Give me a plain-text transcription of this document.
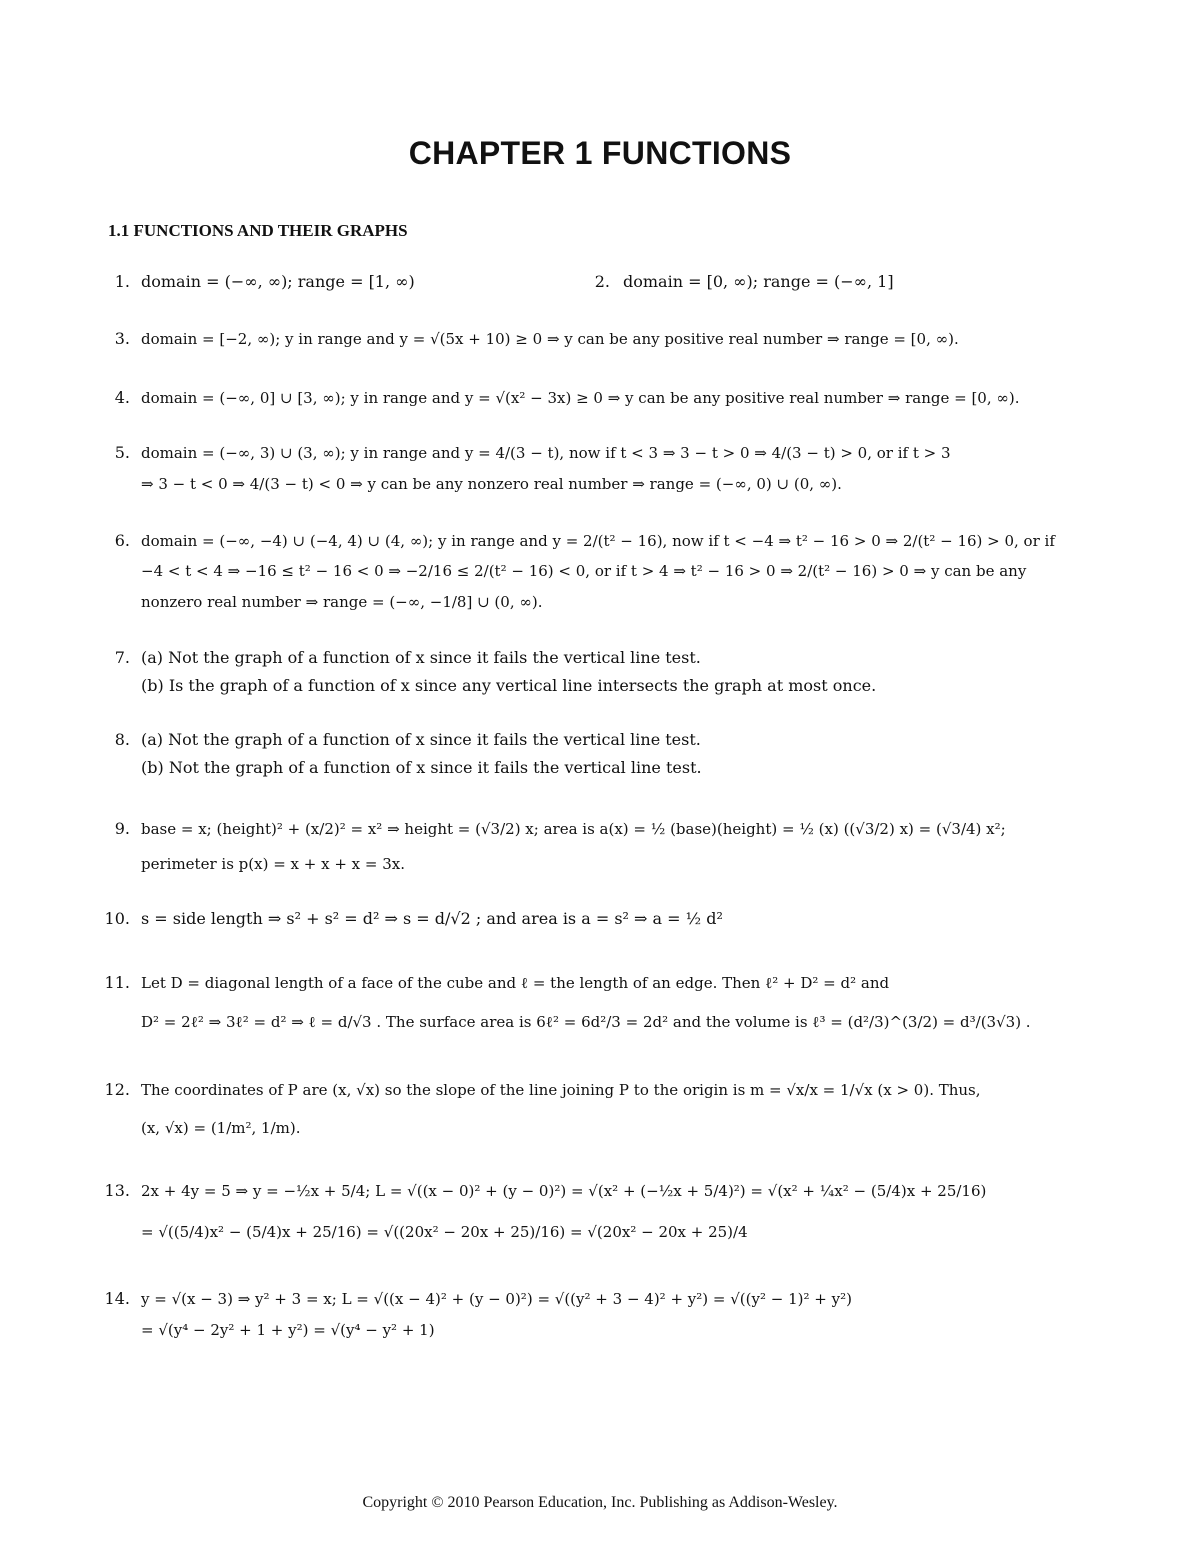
CHAPTER 1 FUNCTIONS
1.1 FUNCTIONS AND THEIR GRAPHS
1. domain = (−∞, ∞); range = [1, ∞)	2. domain = [0, ∞); range = (−∞, 1]
3. domain = [−2, ∞); y in range and y = √(5x + 10) ≥ 0 ⇒ y can be any positive real number ⇒ range = [0, ∞).
4. domain = (−∞, 0] ∪ [3, ∞); y in range and y = √(x² − 3x) ≥ 0 ⇒ y can be any positive real number ⇒ range = [0, ∞).
5. domain = (−∞, 3) ∪ (3, ∞); y in range and y = 4/(3 − t), now if t < 3 ⇒ 3 − t > 0 ⇒ 4/(3 − t) > 0, or if t > 3
⇒ 3 − t < 0 ⇒ 4/(3 − t) < 0 ⇒ y can be any nonzero real number ⇒ range = (−∞, 0) ∪ (0, ∞).
6. domain = (−∞, −4) ∪ (−4, 4) ∪ (4, ∞); y in range and y = 2/(t² − 16), now if t < −4 ⇒ t² − 16 > 0 ⇒ 2/(t² − 16) > 0, or if
−4 < t < 4 ⇒ −16 ≤ t² − 16 < 0 ⇒ −2/16 ≤ 2/(t² − 16) < 0, or if t > 4 ⇒ t² − 16 > 0 ⇒ 2/(t² − 16) > 0 ⇒ y can be any
nonzero real number ⇒ range = (−∞, −1/8] ∪ (0, ∞).
7. (a) Not the graph of a function of x since it fails the vertical line test.
(b) Is the graph of a function of x since any vertical line intersects the graph at most once.
8. (a) Not the graph of a function of x since it fails the vertical line test.
(b) Not the graph of a function of x since it fails the vertical line test.
9. base = x; (height)² + (x/2)² = x² ⇒ height = (√3/2) x; area is a(x) = ½ (base)(height) = ½ (x) ((√3/2) x) = (√3/4) x²;
perimeter is p(x) = x + x + x = 3x.
10. s = side length ⇒ s² + s² = d² ⇒ s = d/√2 ; and area is a = s² ⇒ a = ½ d²
11. Let D = diagonal length of a face of the cube and ℓ = the length of an edge. Then ℓ² + D² = d² and
D² = 2ℓ² ⇒ 3ℓ² = d² ⇒ ℓ = d/√3 . The surface area is 6ℓ² = 6d²/3 = 2d² and the volume is ℓ³ = (d²/3)^(3/2) = d³/(3√3) .
12. The coordinates of P are (x, √x) so the slope of the line joining P to the origin is m = √x/x = 1/√x (x > 0). Thus,
(x, √x) = (1/m², 1/m).
13. 2x + 4y = 5 ⇒ y = −½x + 5/4; L = √((x − 0)² + (y − 0)²) = √(x² + (−½x + 5/4)²) = √(x² + ¼x² − (5/4)x + 25/16)
= √((5/4)x² − (5/4)x + 25/16) = √((20x² − 20x + 25)/16) = √(20x² − 20x + 25)/4
14. y = √(x − 3) ⇒ y² + 3 = x; L = √((x − 4)² + (y − 0)²) = √((y² + 3 − 4)² + y²) = √((y² − 1)² + y²)
= √(y⁴ − 2y² + 1 + y²) = √(y⁴ − y² + 1)
Copyright © 2010 Pearson Education, Inc. Publishing as Addison-Wesley.
